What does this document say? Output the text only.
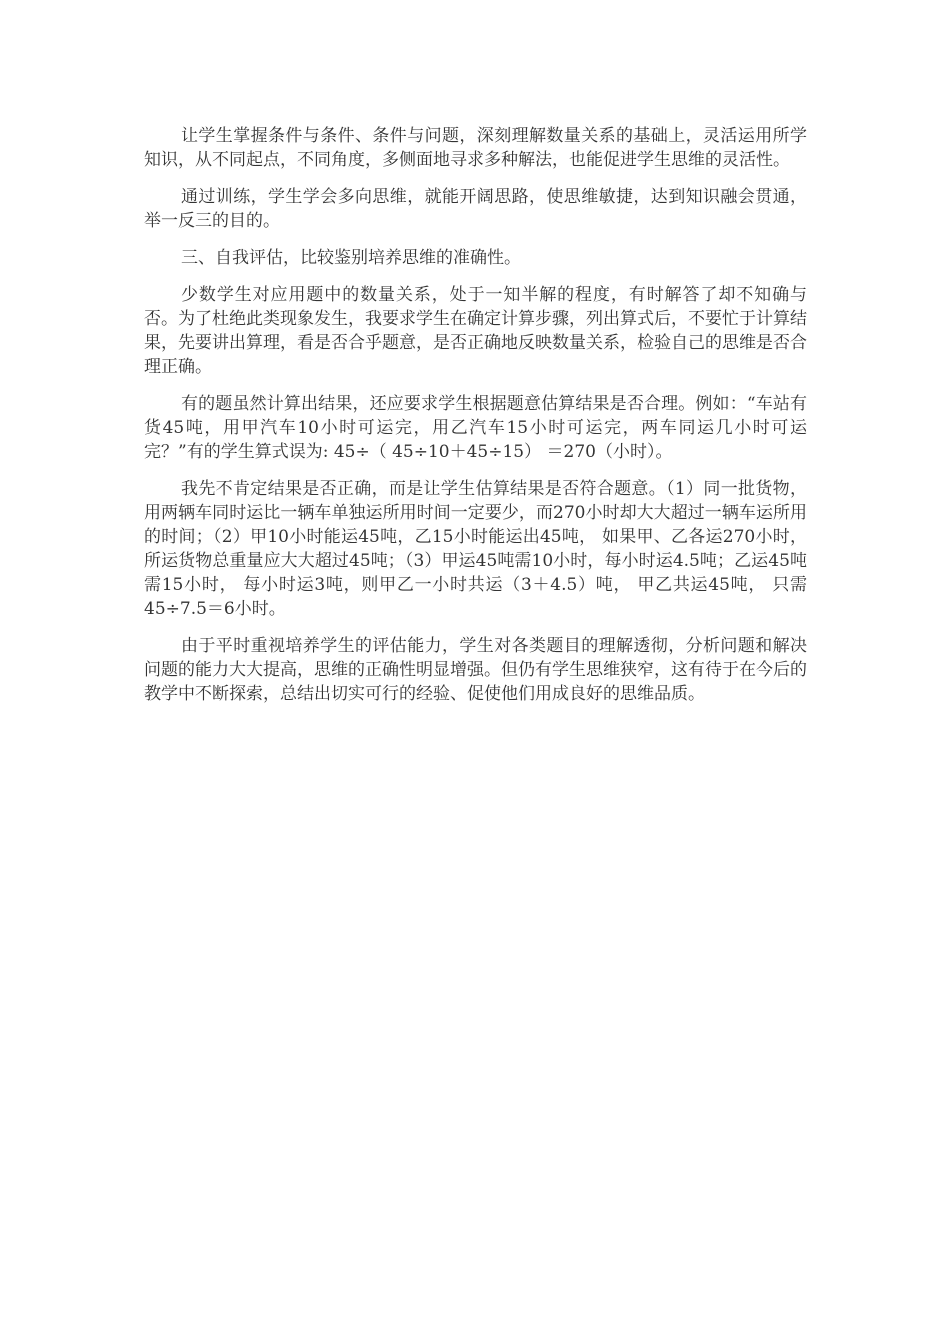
让学生掌握条件与条件、条件与问题，深刻理解数量关系的基础上，灵活运用所学知识，从不同起点，不同角度，多侧面地寻求多种解法，也能促进学生思维的灵活性。

通过训练，学生学会多向思维，就能开阔思路，使思维敏捷，达到知识融会贯通，举一反三的目的。

三、自我评估，比较鉴别培养思维的准确性。

少数学生对应用题中的数量关系，处于一知半解的程度，有时解答了却不知确与否。为了杜绝此类现象发生，我要求学生在确定计算步骤，列出算式后，不要忙于计算结果，先要讲出算理，看是否合乎题意，是否正确地反映数量关系，检验自己的思维是否合理正确。

有的题虽然计算出结果，还应要求学生根据题意估算结果是否合理。例如：“车站有货45吨，用甲汽车10小时可运完，用乙汽车15小时可运完，两车同运几小时可运完？”有的学生算式误为: 45÷（ 45÷10＋45÷15） ＝270（小时）。

我先不肯定结果是否正确，而是让学生估算结果是否符合题意。（1）同一批货物，用两辆车同时运比一辆车单独运所用时间一定要少，而270小时却大大超过一辆车运所用的时间；（2）甲10小时能运45吨，乙15小时能运出45吨， 如果甲、乙各运270小时，所运货物总重量应大大超过45吨；（3）甲运45吨需10小时，每小时运4.5吨；乙运45吨需15小时， 每小时运3吨，则甲乙一小时共运（3＋4.5）吨， 甲乙共运45吨， 只需45÷7.5＝6小时。

由于平时重视培养学生的评估能力，学生对各类题目的理解透彻，分析问题和解决问题的能力大大提高，思维的正确性明显增强。但仍有学生思维狭窄，这有待于在今后的教学中不断探索，总结出切实可行的经验、促使他们用成良好的思维品质。
